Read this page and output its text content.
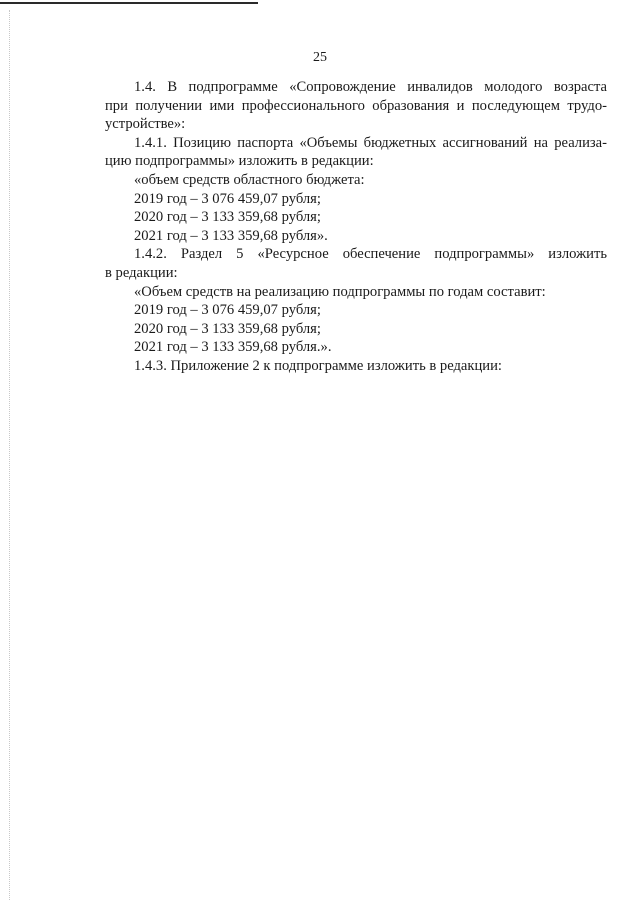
25
1.4. В подпрограмме «Сопровождение инвалидов молодого возраста
при получении ими профессионального образования и последующем трудо-
устройстве»:
1.4.1. Позицию паспорта «Объемы бюджетных ассигнований на реализа-
цию подпрограммы» изложить в редакции:
«объем средств областного бюджета:
2019 год – 3 076 459,07 рубля;
2020 год – 3 133 359,68 рубля;
2021 год – 3 133 359,68 рубля».
1.4.2. Раздел 5 «Ресурсное обеспечение подпрограммы» изложить
в редакции:
«Объем средств на реализацию подпрограммы по годам составит:
2019 год – 3 076 459,07 рубля;
2020 год – 3 133 359,68 рубля;
2021 год – 3 133 359,68 рубля.».
1.4.3. Приложение 2 к подпрограмме изложить в редакции:
